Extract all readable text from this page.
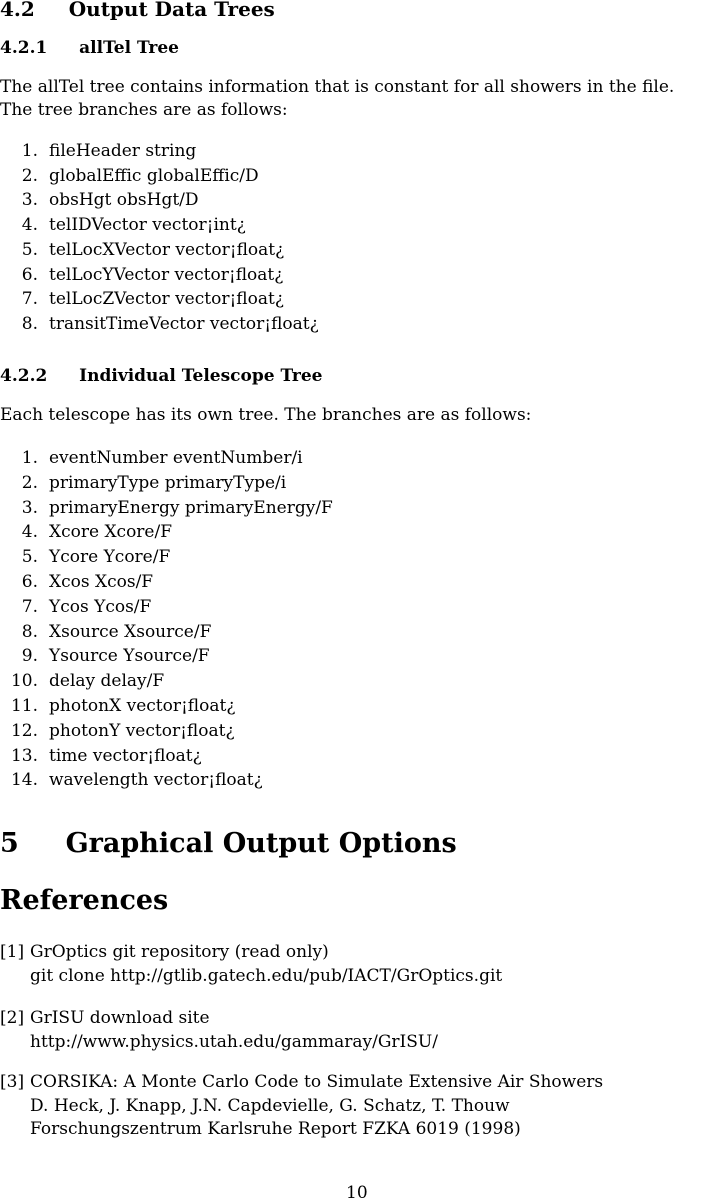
4.2 Output Data Trees
4.2.1 allTel Tree
The allTel tree contains information that is constant for all showers in the file.
The tree branches are as follows:
1. fileHeader string
2. globalEffic globalEffic/D
3. obsHgt obsHgt/D
4. telIDVector vector¡int¿
5. telLocXVector vector¡float¿
6. telLocYVector vector¡float¿
7. telLocZVector vector¡float¿
8. transitTimeVector vector¡float¿
4.2.2 Individual Telescope Tree
Each telescope has its own tree. The branches are as follows:
1. eventNumber eventNumber/i
2. primaryType primaryType/i
3. primaryEnergy primaryEnergy/F
4. Xcore Xcore/F
5. Ycore Ycore/F
6. Xcos Xcos/F
7. Ycos Ycos/F
8. Xsource Xsource/F
9. Ysource Ysource/F
10. delay delay/F
11. photonX vector¡float¿
12. photonY vector¡float¿
13. time vector¡float¿
14. wavelength vector¡float¿
5 Graphical Output Options
References
[1] GrOptics git repository (read only)
git clone http://gtlib.gatech.edu/pub/IACT/GrOptics.git
[2] GrISU download site
http://www.physics.utah.edu/gammaray/GrISU/
[3] CORSIKA: A Monte Carlo Code to Simulate Extensive Air Showers
D. Heck, J. Knapp, J.N. Capdevielle, G. Schatz, T. Thouw
Forschungszentrum Karlsruhe Report FZKA 6019 (1998)
10
